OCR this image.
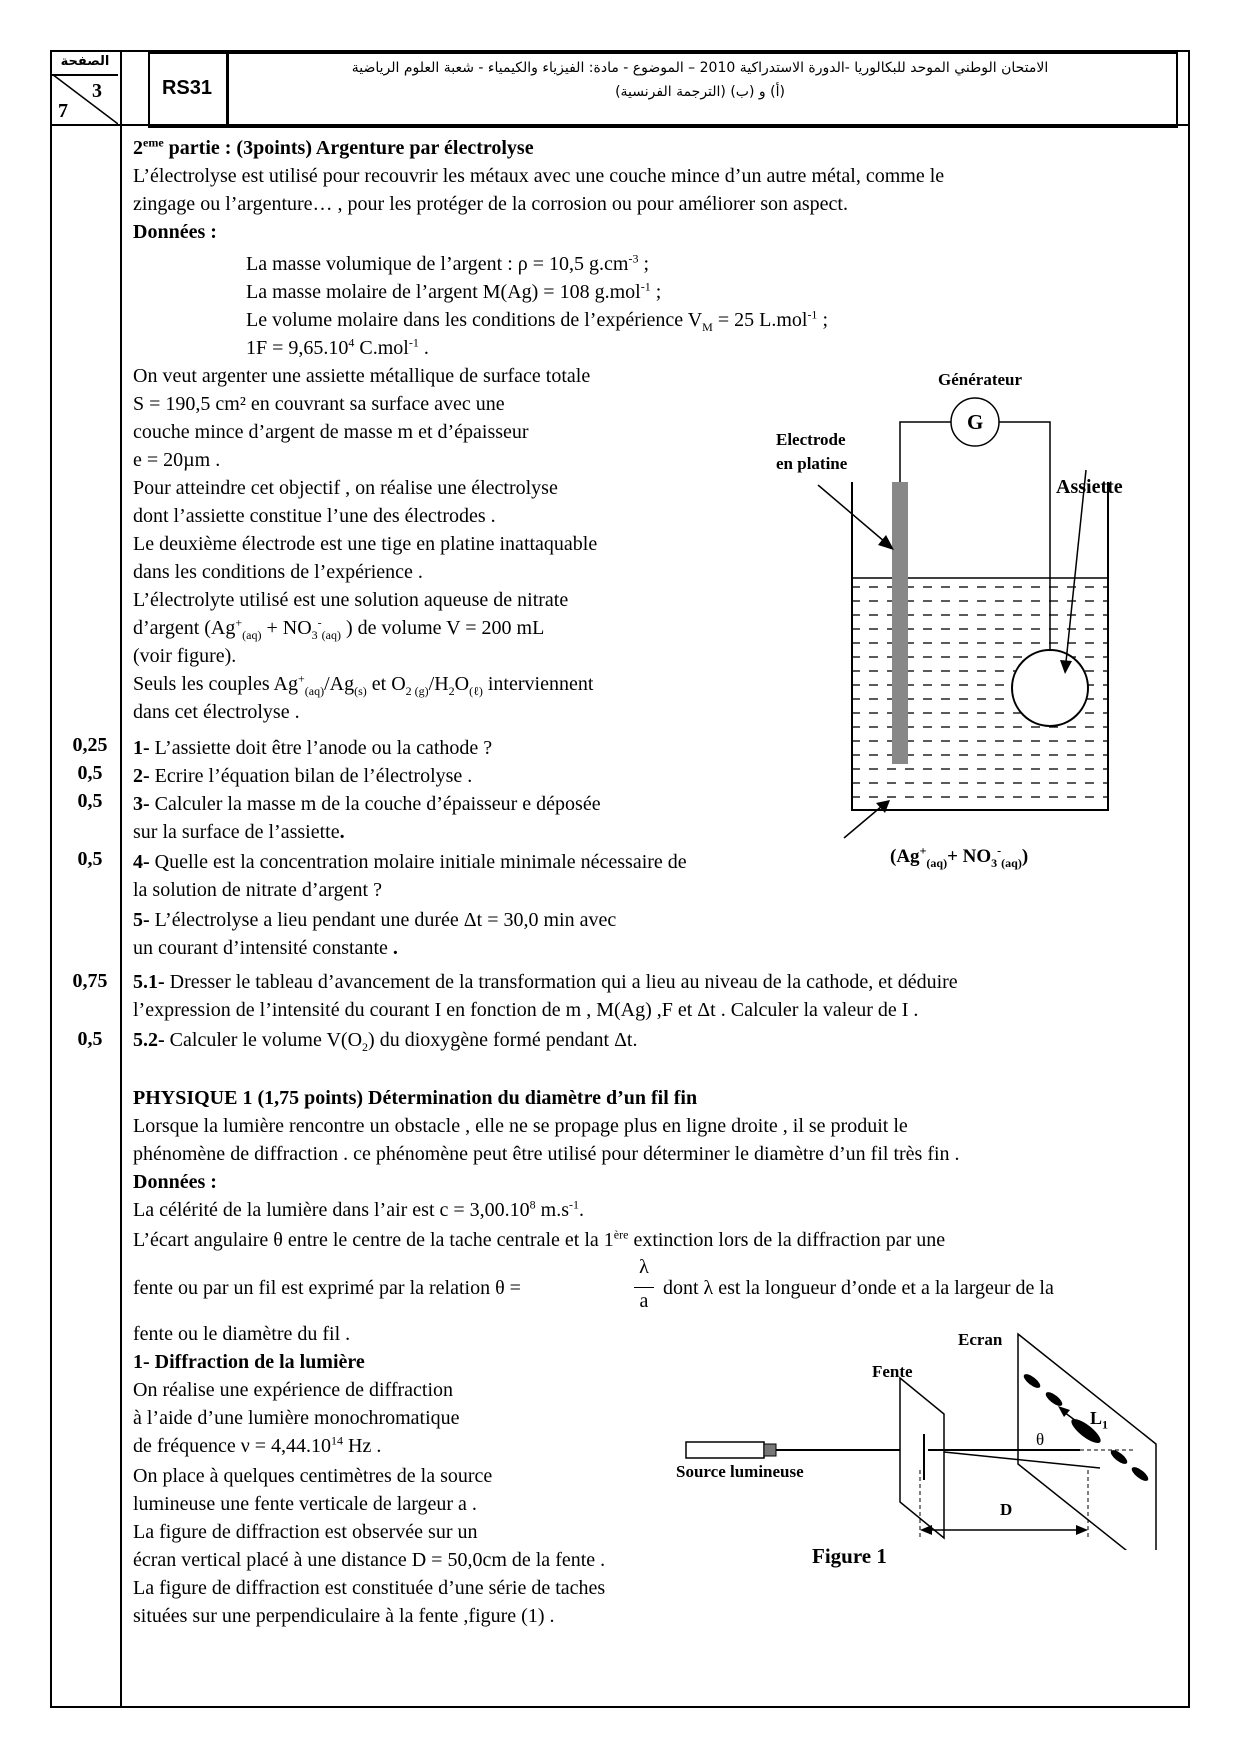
الصفحة
3
7
RS31
الامتحان الوطني الموحد للبكالوريا -الدورة الاستدراكية 2010 – الموضوع - مادة: الفيزياء والكيمياء - شعبة العلوم الرياضية
(أ) و (ب) (الترجمة الفرنسية)
0,25
0,5
0,5
0,5
0,75
0,5
2eme partie : (3points) Argenture par électrolyse
L’électrolyse est utilisé pour recouvrir les métaux avec une couche mince d’un autre métal, comme le
zingage ou l’argenture… , pour les protéger de la corrosion ou pour améliorer son aspect.
Données :
La masse volumique de l’argent : ρ = 10,5 $g.cm^{-3}$ ;
La masse molaire de l’argent M(Ag) = 108 g.mol$^{-1}$ ;
Le volume molaire dans les conditions de l’expérience $V_M = 25$ L.mol$^{-1}$ ;
$1F = 9,65.10^4$ C.mol$^{-1}$ .
On veut argenter une assiette métallique de surface totale
S = 190,5 cm² en couvrant sa surface avec une
couche mince d’argent de masse m et d’épaisseur
e = 20µm .
Pour atteindre cet objectif , on réalise une électrolyse
dont l’assiette constitue l’une des électrodes .
Le deuxième électrode est une tige en platine inattaquable
dans les conditions de l’expérience .
L’électrolyte utilisé est une solution aqueuse de nitrate
d’argent ($Ag^+_{(aq)} + NO_3^-_{(aq)}$ ) de volume V = 200 mL
(voir figure).
Seuls les couples $Ag^+_{(aq)}/Ag_{(s)}$ et $O_{2 (g)}/H_2O_{(\ell)}$ interviennent
dans cet électrolyse .
1- L’assiette doit être l’anode ou la cathode ?
2- Ecrire l’équation bilan de l’électrolyse .
3- Calculer la masse m de la couche d’épaisseur e déposée
sur la surface de l’assiette.
4- Quelle est la concentration molaire initiale minimale nécessaire de
la solution de nitrate d’argent ?
5- L’électrolyse a lieu pendant une durée Δt = 30,0 min avec
un courant d’intensité constante .
5.1- Dresser le tableau d’avancement de la transformation qui a lieu au niveau de la cathode, et déduire
l’expression de l’intensité du courant I en fonction de m , M(Ag) ,F et Δt . Calculer la valeur de I .
5.2- Calculer le volume $V(O_2)$ du dioxygène formé pendant Δt.
Générateur
G
Electrode
en platine
Assiette
$(Ag^+_{(aq)}+ NO_3^-_{(aq)})$
PHYSIQUE 1 (1,75 points) Détermination du diamètre d’un fil fin
Lorsque la lumière rencontre un obstacle , elle ne se propage plus en ligne droite , il se produit le
phénomène de diffraction . ce phénomène peut être utilisé pour déterminer le diamètre d’un fil très fin .
Données :
La célérité de la lumière dans l’air est $c = 3,00.10^8$ $m.s^{-1}$.
L’écart angulaire θ entre le centre de la tache centrale et la 1ère extinction lors de la diffraction par une
fente ou par un fil est exprimé par la relation θ =
λ
a
dont λ est la longueur d’onde et a la largeur de la
fente ou le diamètre du fil .
1- Diffraction de la lumière
On réalise une expérience de diffraction
à l’aide d’une lumière monochromatique
de fréquence $\nu = 4,44.10^{14}$ Hz .
On place à quelques centimètres de la source
lumineuse une fente verticale de largeur a .
La figure de diffraction est observée sur un
écran vertical placé à une distance D = 50,0cm de la fente .
La figure de diffraction est constituée d’une série de taches
situées sur une perpendiculaire à la fente ,figure (1) .
Ecran
Fente
Source lumineuse
$L_1$
θ
D
Figure 1
